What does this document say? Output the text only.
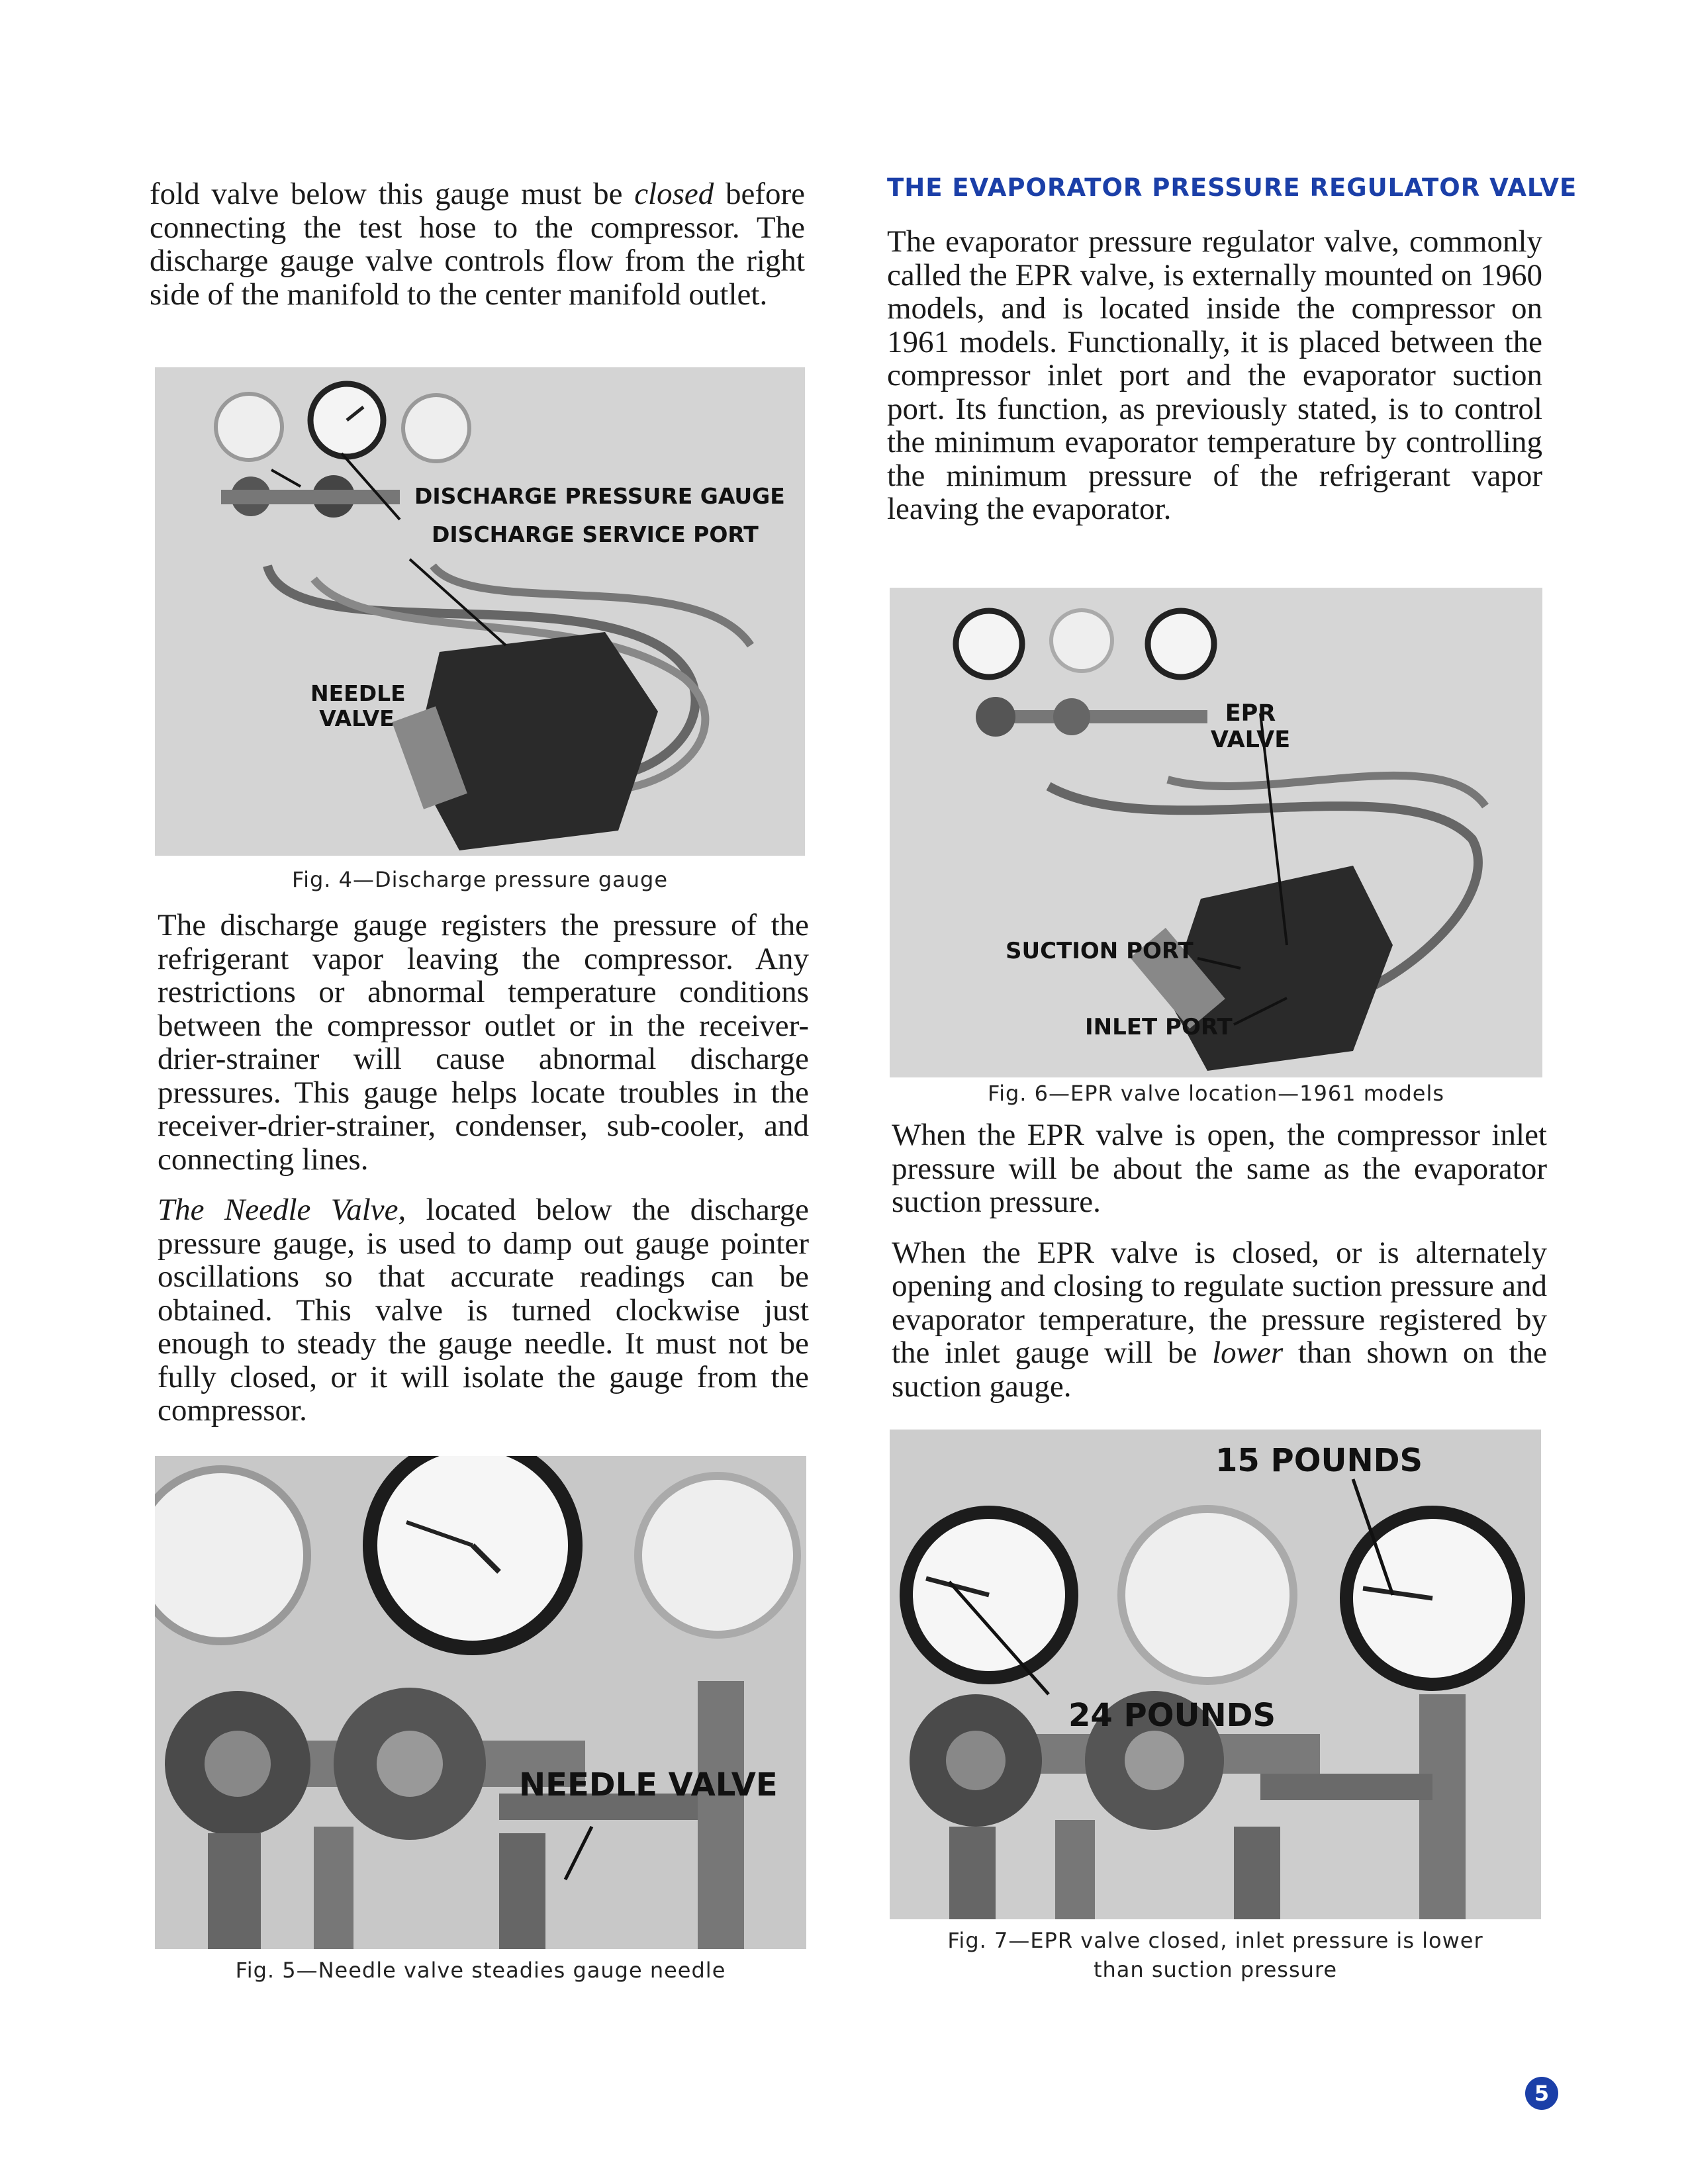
fold valve below this gauge must be closed before connecting the test hose to the compressor. The discharge gauge valve controls flow from the right side of the manifold to the center manifold outlet.

DISCHARGE PRESSURE GAUGE
DISCHARGE SERVICE PORT
NEEDLE VALVE
Fig. 4—Discharge pressure gauge

The discharge gauge registers the pressure of the refrigerant vapor leaving the compressor. Any restrictions or abnormal temperature conditions between the compressor outlet or in the receiver-drier-strainer will cause abnormal discharge pressures. This gauge helps locate troubles in the receiver-drier-strainer, condenser, sub-cooler, and connecting lines.

The Needle Valve, located below the discharge pressure gauge, is used to damp out gauge pointer oscillations so that accurate readings can be obtained. This valve is turned clockwise just enough to steady the gauge needle. It must not be fully closed, or it will isolate the gauge from the compressor.

NEEDLE VALVE
Fig. 5—Needle valve steadies gauge needle
THE EVAPORATOR PRESSURE REGULATOR VALVE

The evaporator pressure regulator valve, commonly called the EPR valve, is externally mounted on 1960 models, and is located inside the compressor on 1961 models. Functionally, it is placed between the compressor inlet port and the evaporator suction port. Its function, as previously stated, is to control the minimum evaporator temperature by controlling the minimum pressure of the refrigerant vapor leaving the evaporator.

EPR VALVE
SUCTION PORT
INLET PORT
Fig. 6—EPR valve location—1961 models

When the EPR valve is open, the compressor inlet pressure will be about the same as the evaporator suction pressure.

When the EPR valve is closed, or is alternately opening and closing to regulate suction pressure and evaporator temperature, the pressure registered by the inlet gauge will be lower than shown on the suction gauge.

15 POUNDS
24 POUNDS
Fig. 7—EPR valve closed, inlet pressure is lower
than suction pressure
5
